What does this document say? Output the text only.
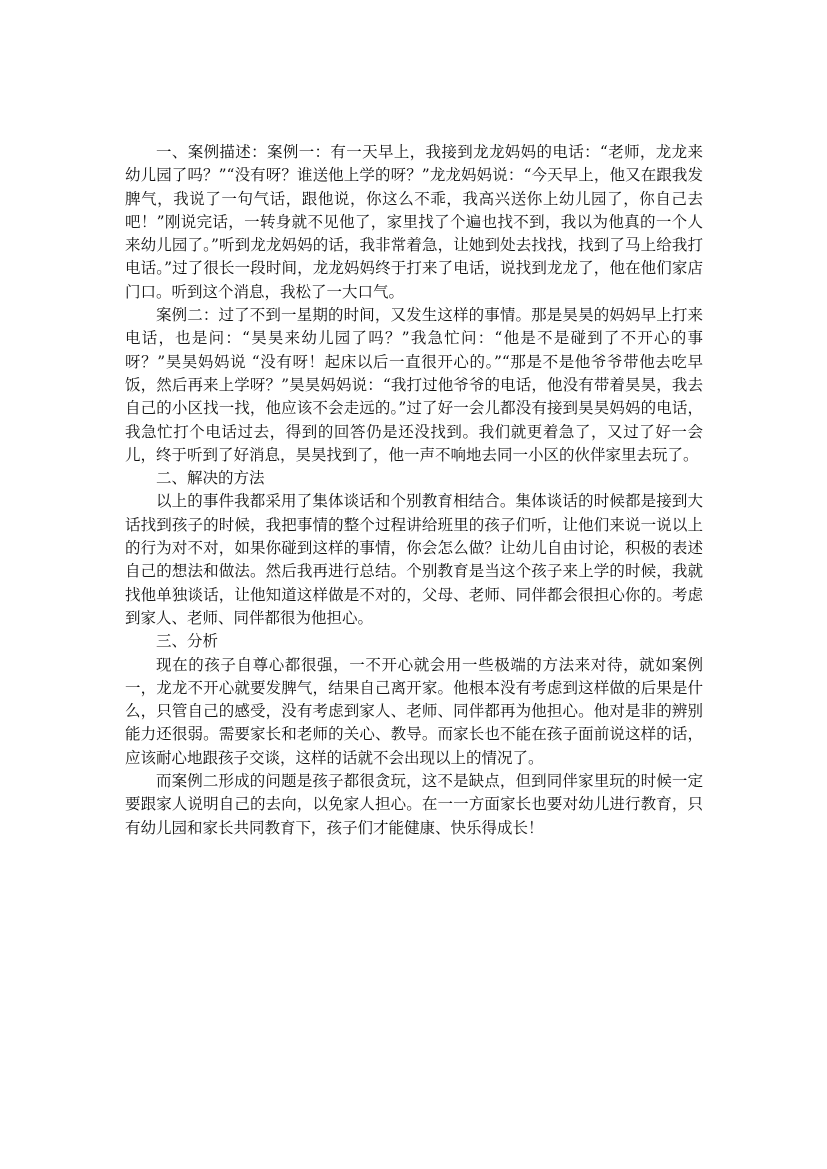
一、案例描述：案例一：有一天早上，我接到龙龙妈妈的电话：“老师，龙龙来幼儿园了吗？”“没有呀？谁送他上学的呀？”龙龙妈妈说：“今天早上，他又在跟我发脾气，我说了一句气话，跟他说，你这么不乖，我高兴送你上幼儿园了，你自己去吧！”刚说完话，一转身就不见他了，家里找了个遍也找不到，我以为他真的一个人来幼儿园了。”听到龙龙妈妈的话，我非常着急，让她到处去找找，找到了马上给我打电话。”过了很长一段时间，龙龙妈妈终于打来了电话，说找到龙龙了，他在他们家店门口。听到这个消息，我松了一大口气。

案例二：过了不到一星期的时间，又发生这样的事情。那是昊昊的妈妈早上打来电话，也是问：“昊昊来幼儿园了吗？”我急忙问：“他是不是碰到了不开心的事呀？”昊昊妈妈说 “没有呀！起床以后一直很开心的。”“那是不是他爷爷带他去吃早饭，然后再来上学呀？”昊昊妈妈说：“我打过他爷爷的电话，他没有带着昊昊，我去自己的小区找一找，他应该不会走远的。”过了好一会儿都没有接到昊昊妈妈的电话，我急忙打个电话过去，得到的回答仍是还没找到。我们就更着急了，又过了好一会儿，终于听到了好消息，昊昊找到了，他一声不响地去同一小区的伙伴家里去玩了。

二、解决的方法

以上的事件我都采用了集体谈话和个别教育相结合。集体谈话的时候都是接到大话找到孩子的时候，我把事情的整个过程讲给班里的孩子们听，让他们来说一说以上的行为对不对，如果你碰到这样的事情，你会怎么做？让幼儿自由讨论，积极的表述自己的想法和做法。然后我再进行总结。个别教育是当这个孩子来上学的时候，我就找他单独谈话，让他知道这样做是不对的，父母、老师、同伴都会很担心你的。考虑到家人、老师、同伴都很为他担心。

三、分析

现在的孩子自尊心都很强，一不开心就会用一些极端的方法来对待，就如案例一，龙龙不开心就要发脾气，结果自己离开家。他根本没有考虑到这样做的后果是什么，只管自己的感受，没有考虑到家人、老师、同伴都再为他担心。他对是非的辨别能力还很弱。需要家长和老师的关心、教导。而家长也不能在孩子面前说这样的话，应该耐心地跟孩子交谈，这样的话就不会出现以上的情况了。

而案例二形成的问题是孩子都很贪玩，这不是缺点，但到同伴家里玩的时候一定要跟家人说明自己的去向，以免家人担心。在一一方面家长也要对幼儿进行教育，只有幼儿园和家长共同教育下，孩子们才能健康、快乐得成长！
